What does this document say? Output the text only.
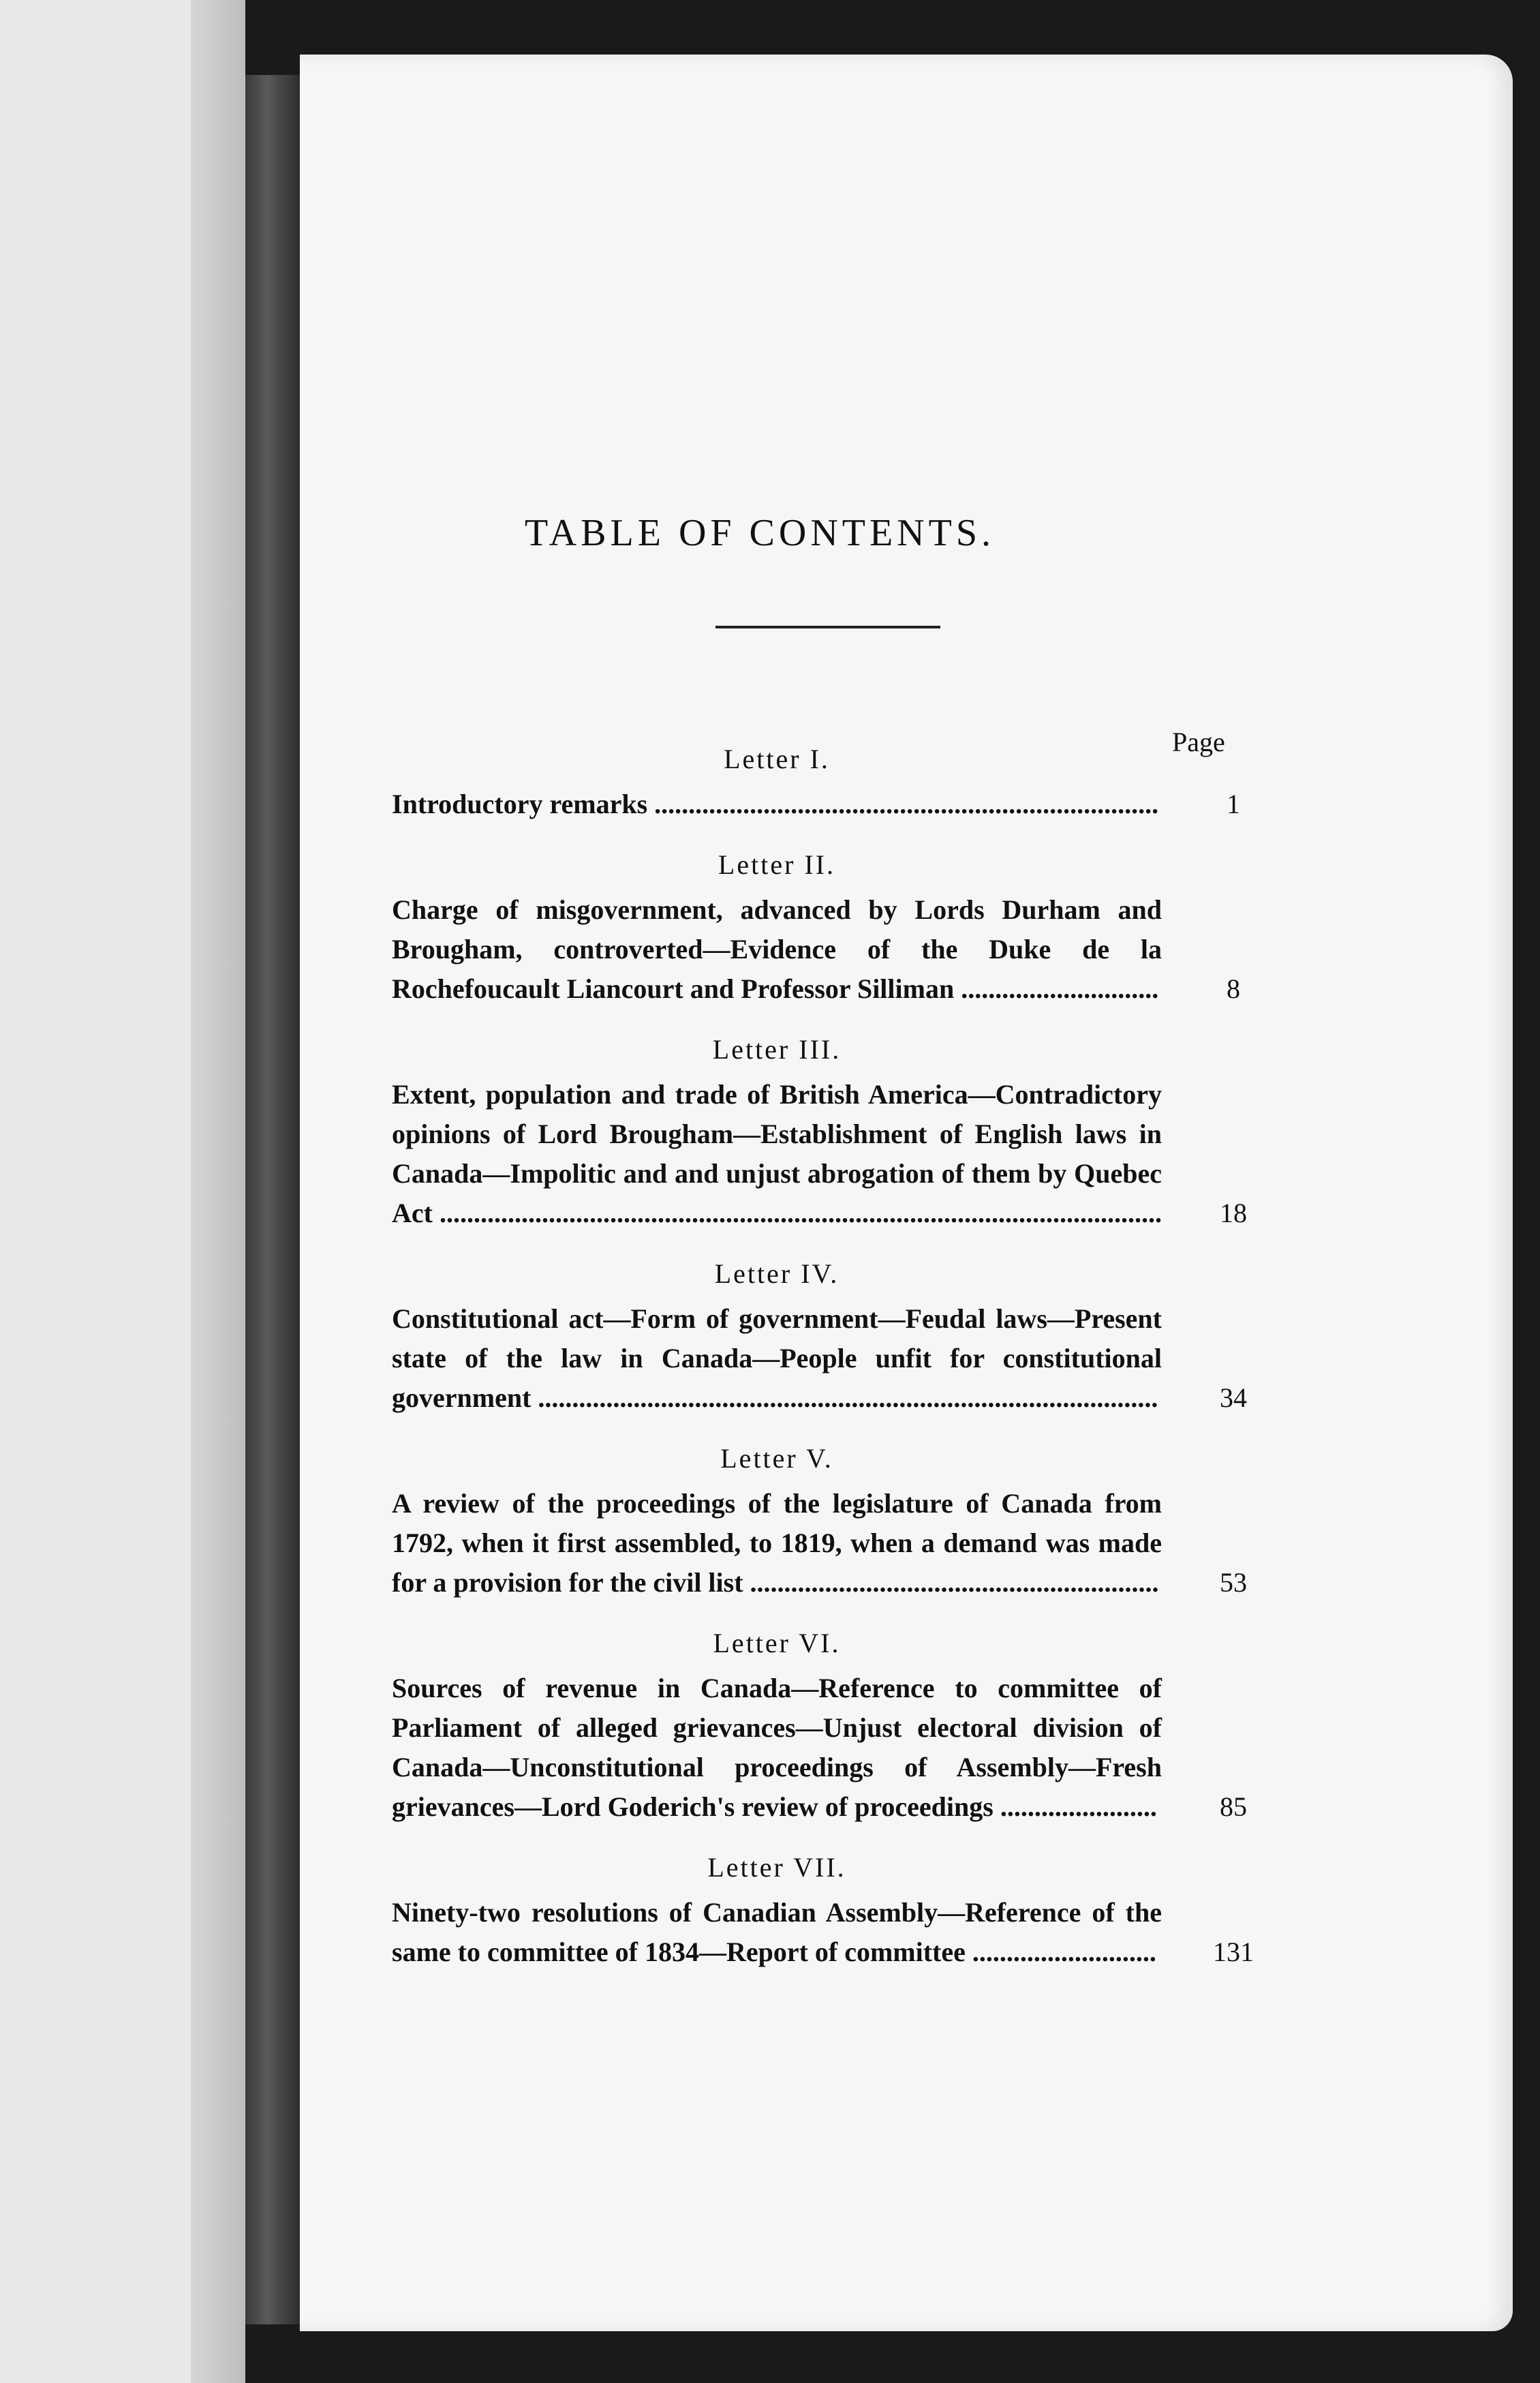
TABLE OF CONTENTS.
Page
Letter I.
Introductory remarks ..........................................................................	1
Letter II.
Charge of misgovernment, advanced by Lords Durham and Brougham, controverted—Evidence of the Duke de la Rochefoucault Liancourt and Professor Silliman .............................	8
Letter III.
Extent, population and trade of British America—Contradictory opinions of Lord Brougham—Establishment of English laws in Canada—Impolitic and and unjust abrogation of them by Quebec Act ..........................................................................................................	18
Letter IV.
Constitutional act—Form of government—Feudal laws—Present state of the law in Canada—People unfit for constitutional government ...........................................................................................	34
Letter V.
A review of the proceedings of the legislature of Canada from 1792, when it first assembled, to 1819, when a demand was made for a provision for the civil list ............................................................	53
Letter VI.
Sources of revenue in Canada—Reference to committee of Parliament of alleged grievances—Unjust electoral division of Canada—Unconstitutional proceedings of Assembly—Fresh grievances—Lord Goderich's review of proceedings .......................	85
Letter VII.
Ninety-two resolutions of Canadian Assembly—Reference of the same to committee of 1834—Report of committee ...........................	131
